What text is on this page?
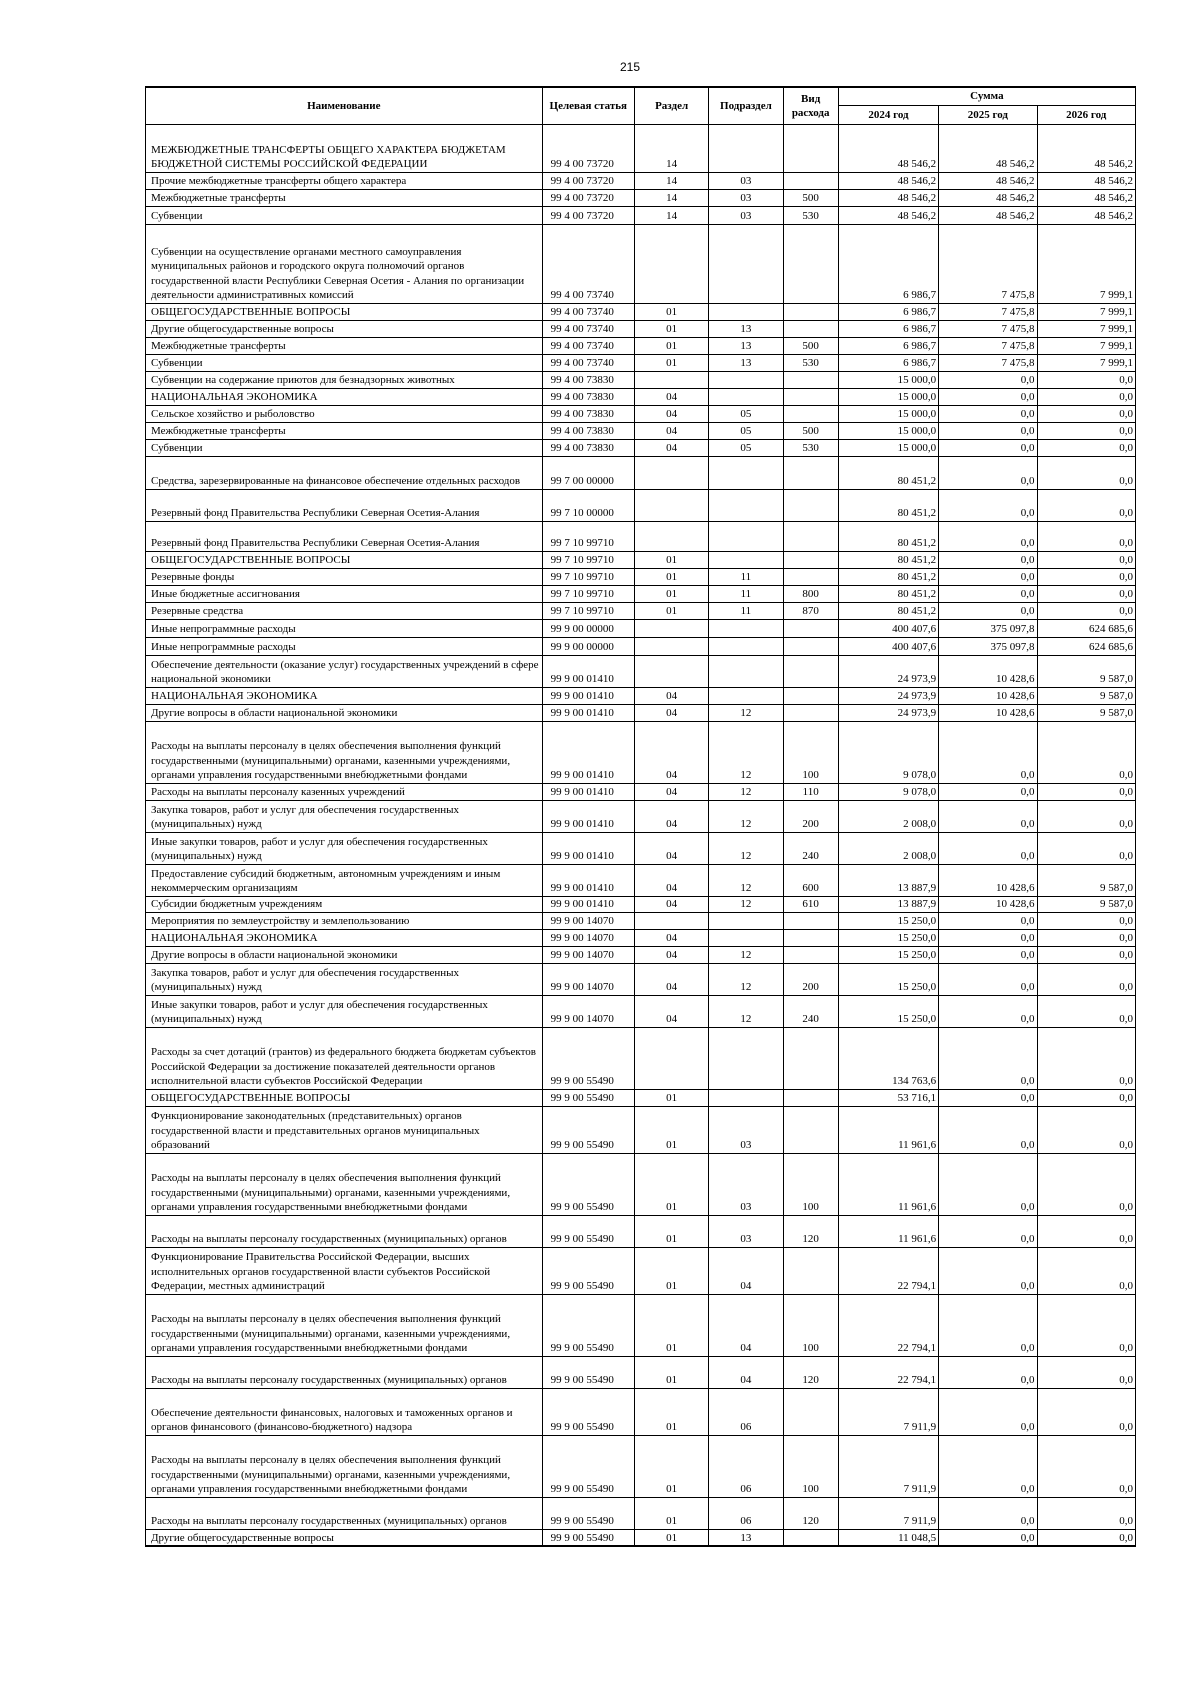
215
Наименование	Целевая статья	Раздел	Подраздел	Вид расхода	Сумма		
					2024 год	2025 год	2026 год
МЕЖБЮДЖЕТНЫЕ ТРАНСФЕРТЫ ОБЩЕГО ХАРАКТЕРА БЮДЖЕТАМ БЮДЖЕТНОЙ СИСТЕМЫ РОССИЙСКОЙ ФЕДЕРАЦИИ	99 4 00 73720	14			48 546,2	48 546,2	48 546,2
Прочие межбюджетные трансферты общего характера	99 4 00 73720	14	03		48 546,2	48 546,2	48 546,2
Межбюджетные трансферты	99 4 00 73720	14	03	500	48 546,2	48 546,2	48 546,2
Субвенции	99 4 00 73720	14	03	530	48 546,2	48 546,2	48 546,2
Субвенции на осуществление органами местного самоуправления муниципальных районов и городского округа полномочий органов государственной власти Республики Северная Осетия - Алания по организации деятельности административных комиссий	99 4 00 73740				6 986,7	7 475,8	7 999,1
ОБЩЕГОСУДАРСТВЕННЫЕ ВОПРОСЫ	99 4 00 73740	01			6 986,7	7 475,8	7 999,1
Другие общегосударственные вопросы	99 4 00 73740	01	13		6 986,7	7 475,8	7 999,1
Межбюджетные трансферты	99 4 00 73740	01	13	500	6 986,7	7 475,8	7 999,1
Субвенции	99 4 00 73740	01	13	530	6 986,7	7 475,8	7 999,1
Субвенции на содержание приютов для безнадзорных животных	99 4 00 73830				15 000,0	0,0	0,0
НАЦИОНАЛЬНАЯ ЭКОНОМИКА	99 4 00 73830	04			15 000,0	0,0	0,0
Сельское хозяйство и рыболовство	99 4 00 73830	04	05		15 000,0	0,0	0,0
Межбюджетные трансферты	99 4 00 73830	04	05	500	15 000,0	0,0	0,0
Субвенции	99 4 00 73830	04	05	530	15 000,0	0,0	0,0
Средства, зарезервированные на финансовое обеспечение отдельных расходов	99 7 00 00000				80 451,2	0,0	0,0
Резервный фонд Правительства Республики Северная Осетия-Алания	99 7 10 00000				80 451,2	0,0	0,0
Резервный фонд Правительства Республики Северная Осетия-Алания	99 7 10 99710				80 451,2	0,0	0,0
ОБЩЕГОСУДАРСТВЕННЫЕ ВОПРОСЫ	99 7 10 99710	01			80 451,2	0,0	0,0
Резервные фонды	99 7 10 99710	01	11		80 451,2	0,0	0,0
Иные бюджетные ассигнования	99 7 10 99710	01	11	800	80 451,2	0,0	0,0
Резервные средства	99 7 10 99710	01	11	870	80 451,2	0,0	0,0
Иные непрограммные расходы	99 9 00 00000				400 407,6	375 097,8	624 685,6
Иные непрограммные расходы	99 9 00 00000				400 407,6	375 097,8	624 685,6
Обеспечение деятельности (оказание услуг) государственных учреждений в сфере национальной экономики	99 9 00 01410				24 973,9	10 428,6	9 587,0
НАЦИОНАЛЬНАЯ ЭКОНОМИКА	99 9 00 01410	04			24 973,9	10 428,6	9 587,0
Другие вопросы в области национальной экономики	99 9 00 01410	04	12		24 973,9	10 428,6	9 587,0
Расходы на выплаты персоналу в целях обеспечения выполнения функций государственными (муниципальными) органами, казенными учреждениями, органами управления государственными внебюджетными фондами	99 9 00 01410	04	12	100	9 078,0	0,0	0,0
Расходы на выплаты персоналу казенных учреждений	99 9 00 01410	04	12	110	9 078,0	0,0	0,0
Закупка товаров, работ и услуг для обеспечения государственных (муниципальных) нужд	99 9 00 01410	04	12	200	2 008,0	0,0	0,0
Иные закупки товаров, работ и услуг для обеспечения государственных (муниципальных) нужд	99 9 00 01410	04	12	240	2 008,0	0,0	0,0
Предоставление субсидий бюджетным, автономным учреждениям и иным некоммерческим организациям	99 9 00 01410	04	12	600	13 887,9	10 428,6	9 587,0
Субсидии бюджетным учреждениям	99 9 00 01410	04	12	610	13 887,9	10 428,6	9 587,0
Мероприятия по землеустройству и землепользованию	99 9 00 14070				15 250,0	0,0	0,0
НАЦИОНАЛЬНАЯ ЭКОНОМИКА	99 9 00 14070	04			15 250,0	0,0	0,0
Другие вопросы в области национальной экономики	99 9 00 14070	04	12		15 250,0	0,0	0,0
Закупка товаров, работ и услуг для обеспечения государственных (муниципальных) нужд	99 9 00 14070	04	12	200	15 250,0	0,0	0,0
Иные закупки товаров, работ и услуг для обеспечения государственных (муниципальных) нужд	99 9 00 14070	04	12	240	15 250,0	0,0	0,0
Расходы за счет дотаций (грантов) из федерального бюджета бюджетам субъектов Российской Федерации за достижение показателей деятельности органов исполнительной власти субъектов Российской Федерации	99 9 00 55490				134 763,6	0,0	0,0
ОБЩЕГОСУДАРСТВЕННЫЕ ВОПРОСЫ	99 9 00 55490	01			53 716,1	0,0	0,0
Функционирование законодательных (представительных) органов государственной власти и представительных органов муниципальных образований	99 9 00 55490	01	03		11 961,6	0,0	0,0
Расходы на выплаты персоналу в целях обеспечения выполнения функций государственными (муниципальными) органами, казенными учреждениями, органами управления государственными внебюджетными фондами	99 9 00 55490	01	03	100	11 961,6	0,0	0,0
Расходы на выплаты персоналу государственных (муниципальных) органов	99 9 00 55490	01	03	120	11 961,6	0,0	0,0
Функционирование Правительства Российской Федерации, высших исполнительных органов государственной власти субъектов Российской Федерации, местных администраций	99 9 00 55490	01	04		22 794,1	0,0	0,0
Расходы на выплаты персоналу в целях обеспечения выполнения функций государственными (муниципальными) органами, казенными учреждениями, органами управления государственными внебюджетными фондами	99 9 00 55490	01	04	100	22 794,1	0,0	0,0
Расходы на выплаты персоналу государственных (муниципальных) органов	99 9 00 55490	01	04	120	22 794,1	0,0	0,0
Обеспечение деятельности финансовых, налоговых и таможенных органов и органов финансового (финансово-бюджетного) надзора	99 9 00 55490	01	06		7 911,9	0,0	0,0
Расходы на выплаты персоналу в целях обеспечения выполнения функций государственными (муниципальными) органами, казенными учреждениями, органами управления государственными внебюджетными фондами	99 9 00 55490	01	06	100	7 911,9	0,0	0,0
Расходы на выплаты персоналу государственных (муниципальных) органов	99 9 00 55490	01	06	120	7 911,9	0,0	0,0
Другие общегосударственные вопросы	99 9 00 55490	01	13		11 048,5	0,0	0,0
